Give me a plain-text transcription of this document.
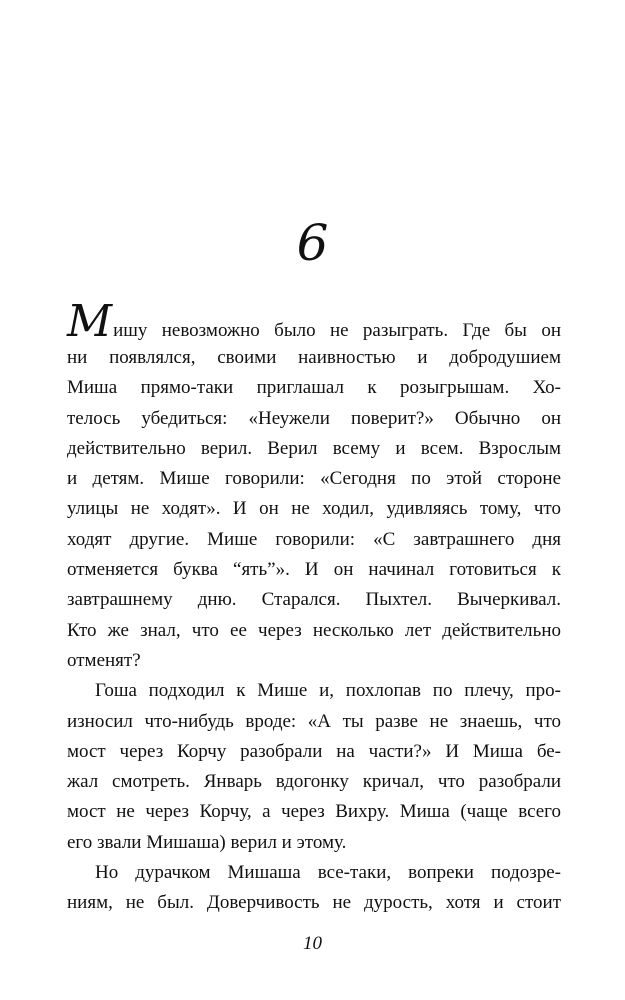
6
Мишу невозможно было не разыграть. Где бы он
ни появлялся, своими наивностью и добродушием
Миша прямо-таки приглашал к розыгрышам. Хо-
телось убедиться: «Неужели поверит?» Обычно он
действительно верил. Верил всему и всем. Взрослым
и детям. Мише говорили: «Сегодня по этой стороне
улицы не ходят». И он не ходил, удивляясь тому, что
ходят другие. Мише говорили: «С завтрашнего дня
отменяется буква “ять”». И он начинал готовиться к
завтрашнему дню. Старался. Пыхтел. Вычеркивал.
Кто же знал, что ее через несколько лет действительно
отменят?
Гоша подходил к Мише и, похлопав по плечу, про-
износил что-нибудь вроде: «А ты разве не знаешь, что
мост через Корчу разобрали на части?» И Миша бе-
жал смотреть. Январь вдогонку кричал, что разобрали
мост не через Корчу, а через Вихру. Миша (чаще всего
его звали Мишаша) верил и этому.
Но дурачком Мишаша все-таки, вопреки подозре-
ниям, не был. Доверчивость не дурость, хотя и стоит
10
